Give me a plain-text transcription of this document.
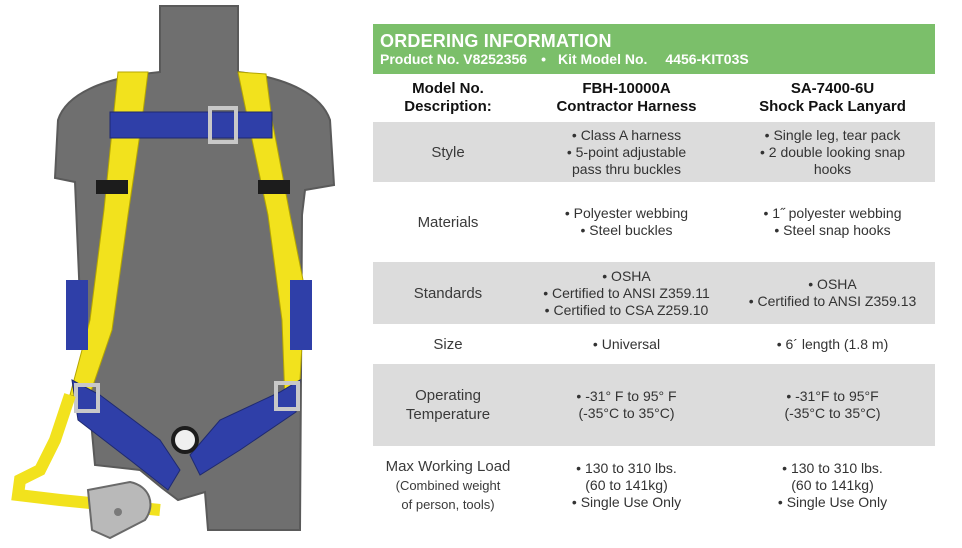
ORDERING INFORMATION
Product No.
V8252356 • Kit Model No. 4456-KIT03S
Model No.
Description:
FBH-10000A
Contractor Harness
SA-7400-6U
Shock Pack Lanyard
Style
• Class A harness
• 5-point adjustable
pass thru buckles
• Single leg, tear pack
• 2 double looking snap
hooks
Materials
• Polyester webbing
• Steel buckles
• 1˝ polyester webbing
• Steel snap hooks
Standards
• OSHA
• Certified to ANSI Z359.11
• Certified to CSA Z259.10
• OSHA
• Certified to ANSI Z359.13
Size	• Universal	• 6´ length (1.8 m)
Operating
Temperature
• -31° F to 95° F
(-35°C to 35°C)
• -31°F to 95°F
(-35°C to 35°C)
Max Working Load
(Combined weight
of person, tools)
• 130 to 310 lbs.
(60 to 141kg)
• Single Use Only
• 130 to 310 lbs.
(60 to 141kg)
• Single Use Only
